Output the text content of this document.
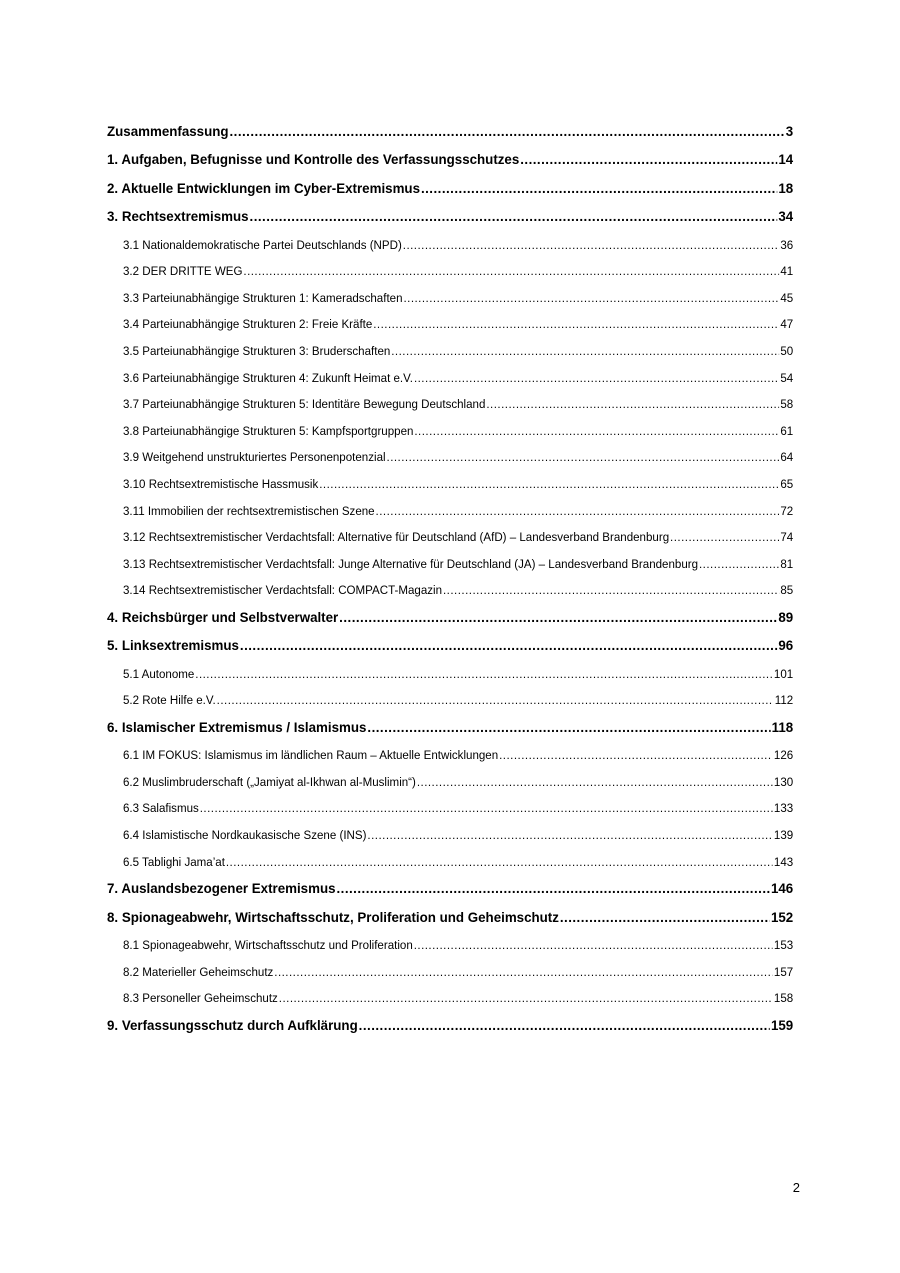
Zusammenfassung .....	3
1. Aufgaben, Befugnisse und Kontrolle des Verfassungsschutzes .....	14
2. Aktuelle Entwicklungen im Cyber-Extremismus .....	18
3. Rechtsextremismus .....	34
3.1 Nationaldemokratische Partei Deutschlands (NPD) .....	36
3.2 DER DRITTE WEG .....	41
3.3 Parteiunabhängige Strukturen 1: Kameradschaften .....	45
3.4 Parteiunabhängige Strukturen 2: Freie Kräfte .....	47
3.5 Parteiunabhängige Strukturen 3: Bruderschaften .....	50
3.6 Parteiunabhängige Strukturen 4: Zukunft Heimat e.V. .....	54
3.7 Parteiunabhängige Strukturen 5: Identitäre Bewegung Deutschland .....	58
3.8 Parteiunabhängige Strukturen 5: Kampfsportgruppen .....	61
3.9 Weitgehend unstrukturiertes Personenpotenzial .....	64
3.10 Rechtsextremistische Hassmusik .....	65
3.11 Immobilien der rechtsextremistischen Szene .....	72
3.12 Rechtsextremistischer Verdachtsfall: Alternative für Deutschland (AfD) – Landesverband Brandenburg .....	74
3.13 Rechtsextremistischer Verdachtsfall: Junge Alternative für Deutschland (JA) – Landesverband Brandenburg .....	81
3.14 Rechtsextremistischer Verdachtsfall: COMPACT-Magazin .....	85
4. Reichsbürger und Selbstverwalter .....	89
5. Linksextremismus .....	96
5.1 Autonome .....	101
5.2 Rote Hilfe e.V. .....	112
6. Islamischer Extremismus / Islamismus .....	118
6.1 IM FOKUS: Islamismus im ländlichen Raum – Aktuelle Entwicklungen .....	126
6.2 Muslimbruderschaft („Jamiyat al-Ikhwan al-Muslimin“) .....	130
6.3 Salafismus .....	133
6.4 Islamistische Nordkaukasische Szene (INS) .....	139
6.5 Tablighi Jama’at .....	143
7. Auslandsbezogener Extremismus .....	146
8. Spionageabwehr, Wirtschaftsschutz, Proliferation und Geheimschutz .....	152
8.1 Spionageabwehr, Wirtschaftsschutz und Proliferation .....	153
8.2 Materieller Geheimschutz .....	157
8.3 Personeller Geheimschutz .....	158
9. Verfassungsschutz durch Aufklärung .....	159
2
